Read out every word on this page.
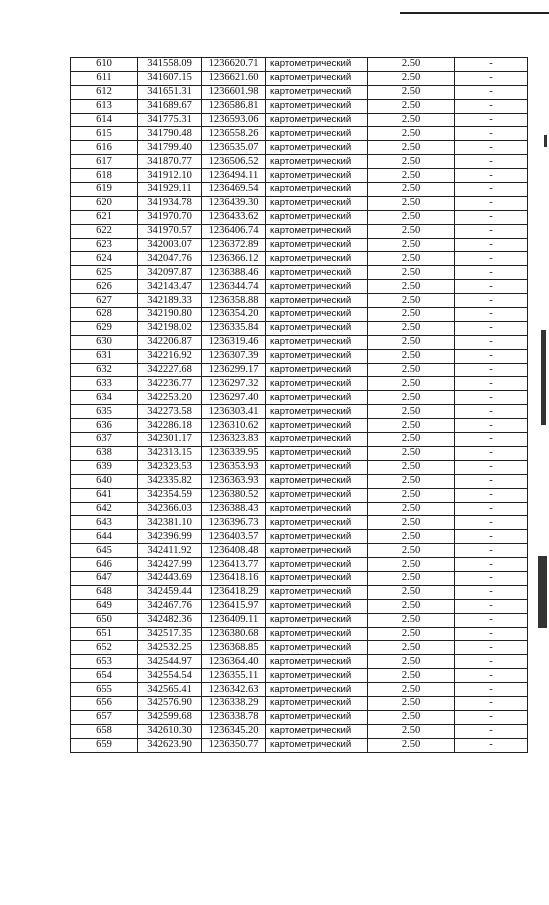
610	341558.09	1236620.71	картометрический	2.50	-
611	341607.15	1236621.60	картометрический	2.50	-
612	341651.31	1236601.98	картометрический	2.50	-
613	341689.67	1236586.81	картометрический	2.50	-
614	341775.31	1236593.06	картометрический	2.50	-
615	341790.48	1236558.26	картометрический	2.50	-
616	341799.40	1236535.07	картометрический	2.50	-
617	341870.77	1236506.52	картометрический	2.50	-
618	341912.10	1236494.11	картометрический	2.50	-
619	341929.11	1236469.54	картометрический	2.50	-
620	341934.78	1236439.30	картометрический	2.50	-
621	341970.70	1236433.62	картометрический	2.50	-
622	341970.57	1236406.74	картометрический	2.50	-
623	342003.07	1236372.89	картометрический	2.50	-
624	342047.76	1236366.12	картометрический	2.50	-
625	342097.87	1236388.46	картометрический	2.50	-
626	342143.47	1236344.74	картометрический	2.50	-
627	342189.33	1236358.88	картометрический	2.50	-
628	342190.80	1236354.20	картометрический	2.50	-
629	342198.02	1236335.84	картометрический	2.50	-
630	342206.87	1236319.46	картометрический	2.50	-
631	342216.92	1236307.39	картометрический	2.50	-
632	342227.68	1236299.17	картометрический	2.50	-
633	342236.77	1236297.32	картометрический	2.50	-
634	342253.20	1236297.40	картометрический	2.50	-
635	342273.58	1236303.41	картометрический	2.50	-
636	342286.18	1236310.62	картометрический	2.50	-
637	342301.17	1236323.83	картометрический	2.50	-
638	342313.15	1236339.95	картометрический	2.50	-
639	342323.53	1236353.93	картометрический	2.50	-
640	342335.82	1236363.93	картометрический	2.50	-
641	342354.59	1236380.52	картометрический	2.50	-
642	342366.03	1236388.43	картометрический	2.50	-
643	342381.10	1236396.73	картометрический	2.50	-
644	342396.99	1236403.57	картометрический	2.50	-
645	342411.92	1236408.48	картометрический	2.50	-
646	342427.99	1236413.77	картометрический	2.50	-
647	342443.69	1236418.16	картометрический	2.50	-
648	342459.44	1236418.29	картометрический	2.50	-
649	342467.76	1236415.97	картометрический	2.50	-
650	342482.36	1236409.11	картометрический	2.50	-
651	342517.35	1236380.68	картометрический	2.50	-
652	342532.25	1236368.85	картометрический	2.50	-
653	342544.97	1236364.40	картометрический	2.50	-
654	342554.54	1236355.11	картометрический	2.50	-
655	342565.41	1236342.63	картометрический	2.50	-
656	342576.90	1236338.29	картометрический	2.50	-
657	342599.68	1236338.78	картометрический	2.50	-
658	342610.30	1236345.20	картометрический	2.50	-
659	342623.90	1236350.77	картометрический	2.50	-
